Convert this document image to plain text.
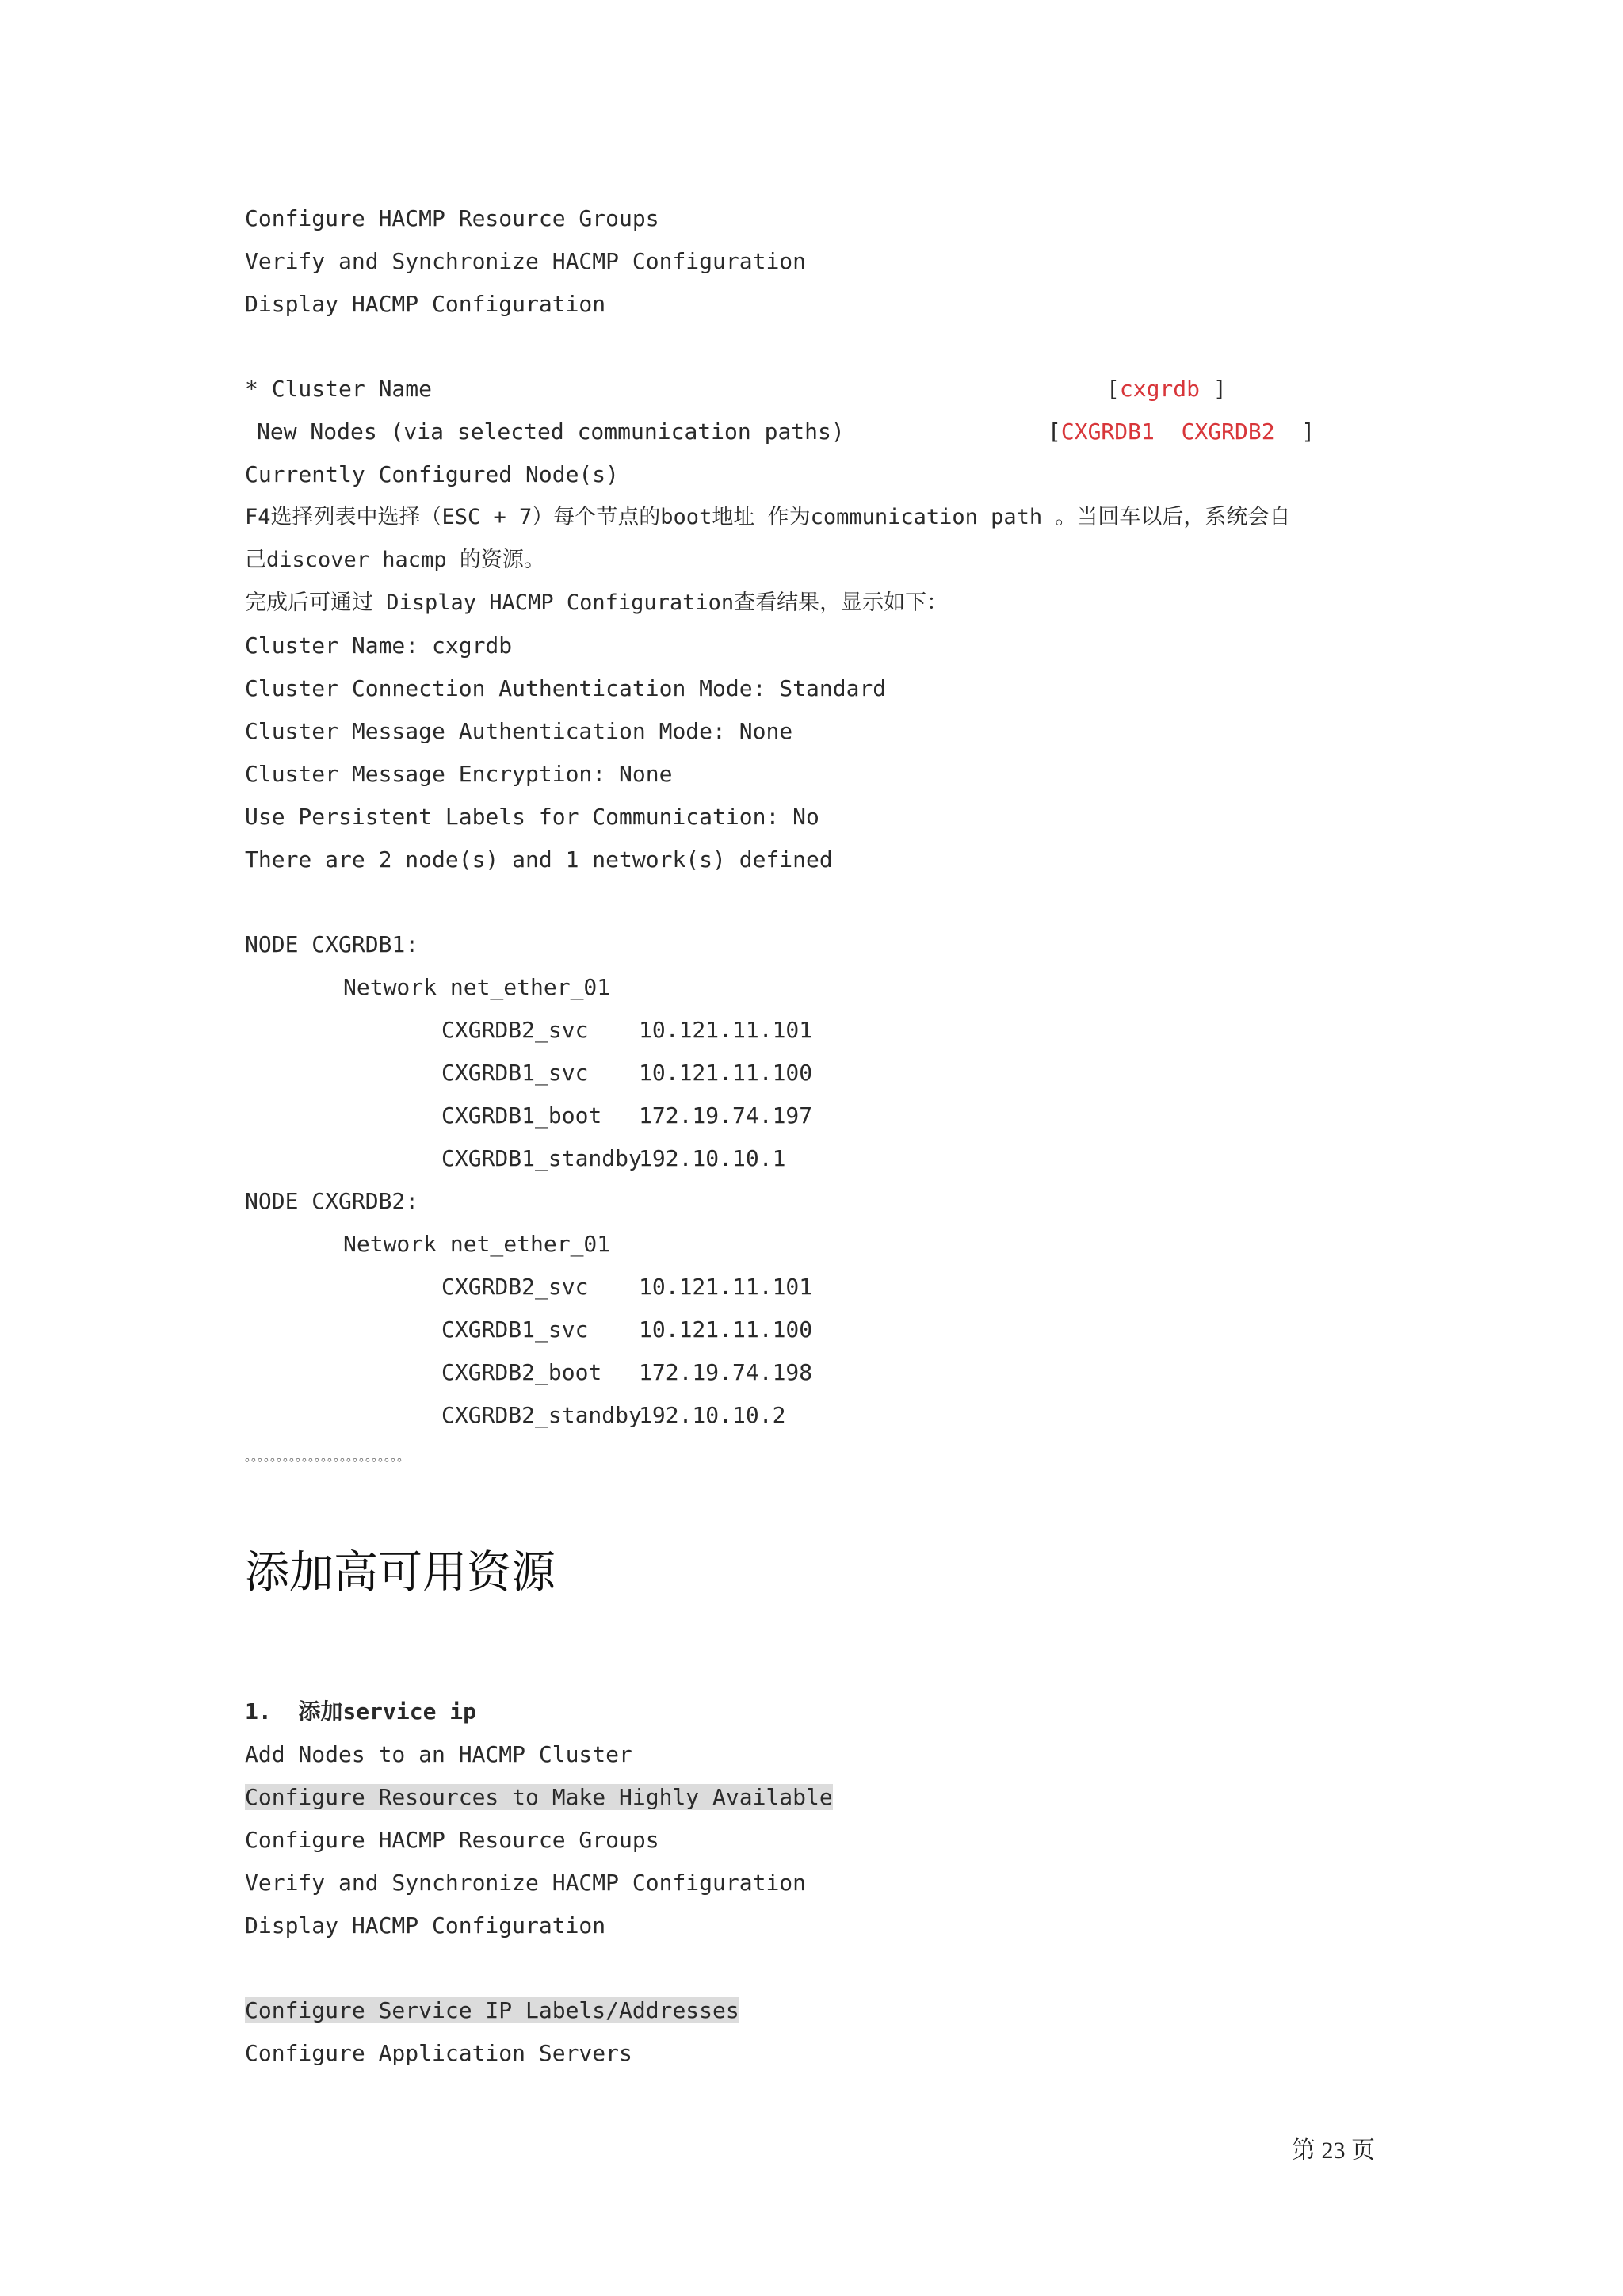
Configure HACMP Resource Groups
Verify and Synchronize HACMP Configuration
Display HACMP Configuration
* Cluster Name	[cxgrdb ]
New Nodes (via selected communication paths)	[CXGRDB1  CXGRDB2 ]
Currently Configured Node(s)
F4选择列表中选择（ESC + 7）每个节点的boot地址 作为communication path 。当回车以后，系统会自
己discover hacmp 的资源。
完成后可通过 Display HACMP Configuration查看结果，显示如下：
Cluster Name: cxgrdb
Cluster Connection Authentication Mode: Standard
Cluster Message Authentication Mode: None
Cluster Message Encryption: None
Use Persistent Labels for Communication: No
There are 2 node(s) and 1 network(s) defined
NODE CXGRDB1:
Network net_ether_01
CXGRDB2_svc 10.121.11.101
CXGRDB1_svc 10.121.11.100
CXGRDB1_boot 172.19.74.197
CXGRDB1_standby
192.10.10.1
NODE CXGRDB2:
Network net_ether_01
CXGRDB2_svc 10.121.11.101
CXGRDB1_svc 10.121.11.100
CXGRDB2_boot 172.19.74.198
CXGRDB2_standby
192.10.10.2
。。。。。。。。。。。。。。。。。。。。。。。。。
添加高可用资源
1.  添加service ip
Add Nodes to an HACMP Cluster
Configure Resources to Make Highly Available
Configure HACMP Resource Groups
Verify and Synchronize HACMP Configuration
Display HACMP Configuration
Configure Service IP Labels/Addresses
Configure Application Servers
第 23 页
